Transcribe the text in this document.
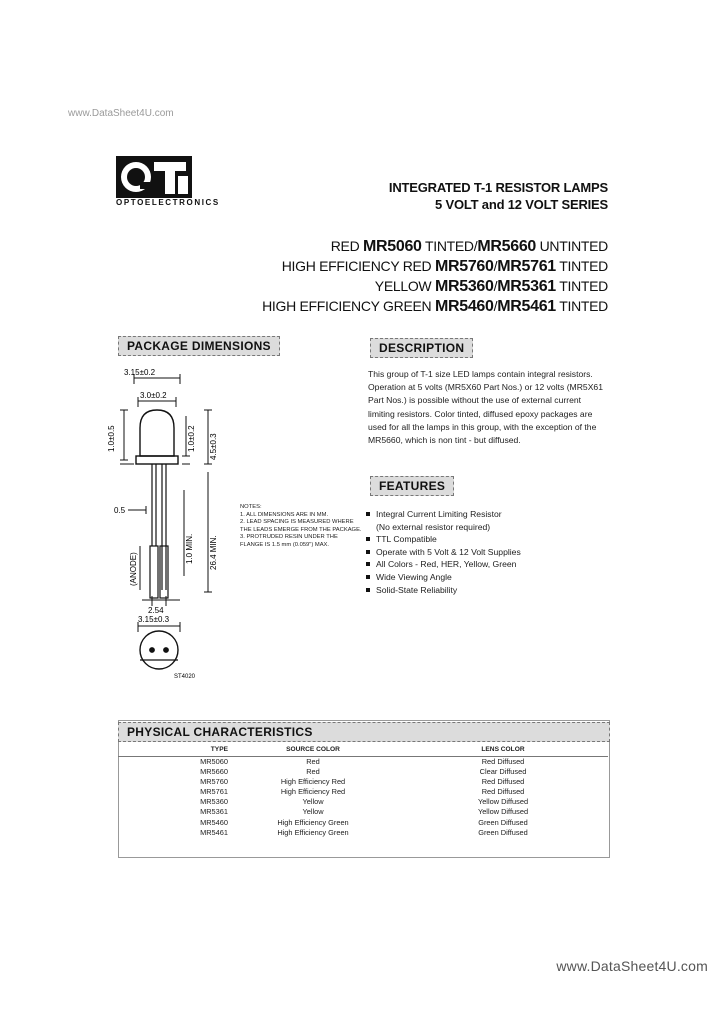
www.DataSheet4U.com
OPTOELECTRONICS
INTEGRATED T-1 RESISTOR LAMPS
5 VOLT and 12 VOLT SERIES
RED MR5060 TINTED/MR5660 UNTINTED
HIGH EFFICIENCY RED MR5760/MR5761 TINTED
YELLOW MR5360/MR5361 TINTED
HIGH EFFICIENCY GREEN MR5460/MR5461 TINTED
PACKAGE DIMENSIONS	DESCRIPTION
This group of T-1 size LED lamps contain integral resistors. Operation at 5 volts (MR5X60 Part Nos.) or 12 volts (MR5X61 Part Nos.) is possible without the use of external current limiting resistors. Color tinted, diffused epoxy packages are used for all the lamps in this group, with the exception of the MR5660, which is non tint - but diffused.
FEATURES
Integral Current Limiting Resistor
(No external resistor required)
TTL Compatible
Operate with 5 Volt & 12 Volt Supplies
All Colors - Red, HER, Yellow, Green
Wide Viewing Angle
Solid-State Reliability
3.15±0.2
3.0±0.2
1.0±0.5	1.0±0.2 4.5±0.3
0.5
26.4 MIN.
1.0 MIN.
(ANODE)
2.54
3.15±0.3
ST4020
NOTES:
1. ALL DIMENSIONS ARE IN MM.
2. LEAD SPACING IS MEASURED WHERE THE LEADS EMERGE FROM THE PACKAGE.
3. PROTRUDED RESIN UNDER THE FLANGE IS 1.5 mm (0.059") MAX.
PHYSICAL CHARACTERISTICS
TYPE	SOURCE COLOR	LENS COLOR
MR5060	Red	Red Diffused
MR5660	Red	Clear Diffused
MR5760	High Efficiency Red	Red Diffused
MR5761	High Efficiency Red	Red Diffused
MR5360	Yellow	Yellow Diffused
MR5361	Yellow	Yellow Diffused
MR5460	High Efficiency Green	Green Diffused
MR5461	High Efficiency Green	Green Diffused
www.DataSheet4U.com
